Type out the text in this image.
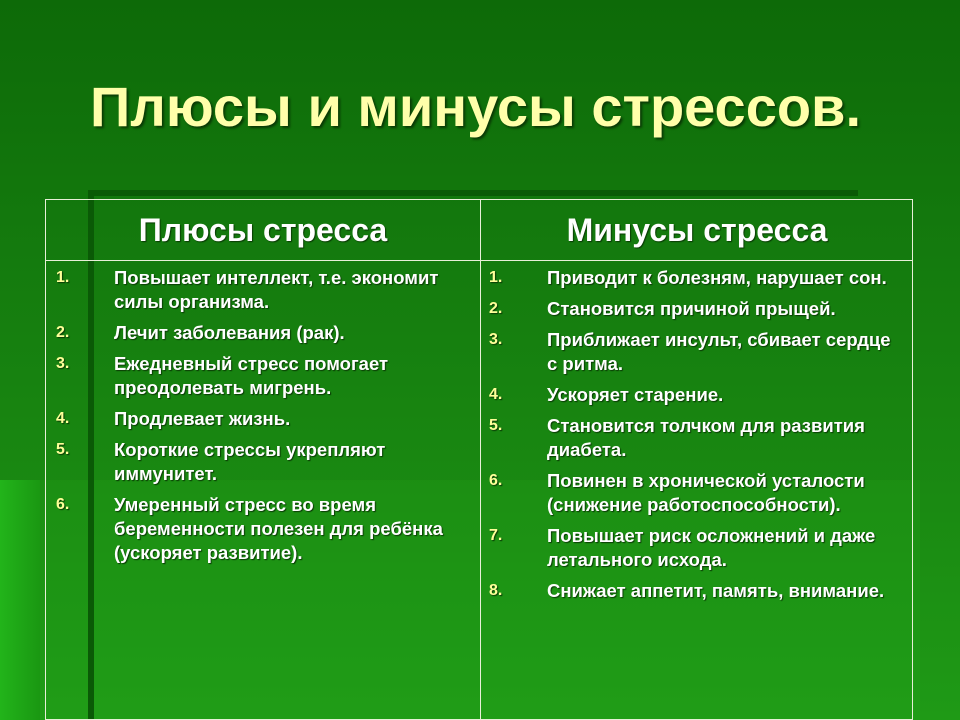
Плюсы и минусы стрессов.
Плюсы стресса	Минусы стресса
1.	Повышает интеллект, т.е. экономит силы организма.
2.	Лечит заболевания (рак).
3.	Ежедневный стресс помогает преодолевать мигрень.
4.	Продлевает жизнь.
5.	Короткие стрессы укрепляют иммунитет.
6.	Умеренный стресс во время беременности полезен для ребёнка (ускоряет развитие).
1.	Приводит к болезням, нарушает сон.
2.	Становится причиной прыщей.
3.	Приближает инсульт, сбивает сердце с ритма.
4.	Ускоряет старение.
5.	Становится толчком для развития диабета.
6.	Повинен в хронической усталости (снижение работоспособности).
7.	Повышает риск осложнений и даже летального исхода.
8.	Снижает аппетит, память, внимание.
